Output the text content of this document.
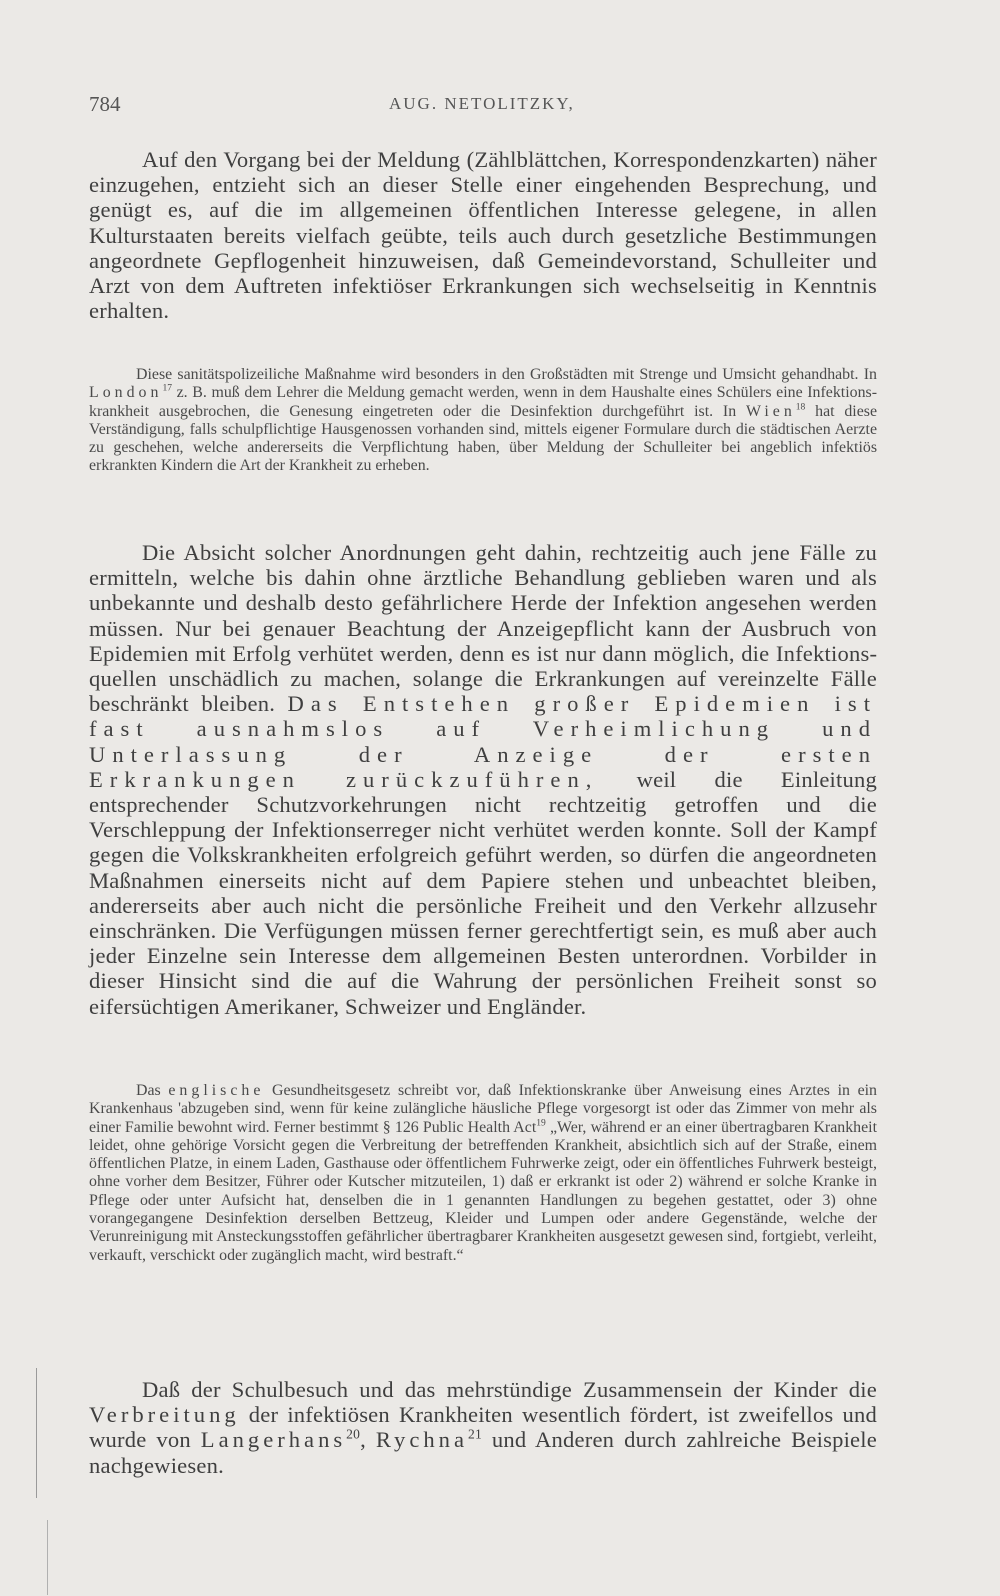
784	AUG. NETOLITZKY,

Auf den Vorgang bei der Meldung (Zählblättchen, Korrespondenzkarten) näher einzugehen, entzieht sich an dieser Stelle einer eingehenden Besprechung, und genügt es, auf die im allgemeinen öffentlichen Interesse gelegene, in allen Kulturstaaten bereits vielfach geübte, teils auch durch gesetzliche Bestimmungen angeordnete Gepflogenheit hinzuweisen, daß Gemeindevorstand, Schulleiter und Arzt von dem Auftreten infektiöser Erkrankungen sich wechselseitig in Kenntnis erhalten.

Diese sanitätspolizeiliche Maßnahme wird besonders in den Großstädten mit Strenge und Umsicht gehandhabt. In London$^{17}$ z. B. muß dem Lehrer die Meldung gemacht werden, wenn in dem Haushalte eines Schülers eine Infektionskrankheit ausgebrochen, die Genesung eingetreten oder die Desinfektion durchgeführt ist. In Wien$^{18}$ hat diese Verständigung, falls schulpflichtige Hausgenossen vorhanden sind, mittels eigener Formulare durch die städtischen Aerzte zu geschehen, welche andererseits die Verpflichtung haben, über Meldung der Schulleiter bei angeblich infektiös erkrankten Kindern die Art der Krankheit zu erheben.

Die Absicht solcher Anordnungen geht dahin, rechtzeitig auch jene Fälle zu ermitteln, welche bis dahin ohne ärztliche Behandlung geblieben waren und als unbekannte und deshalb desto gefährlichere Herde der Infektion angesehen werden müssen. Nur bei genauer Beachtung der Anzeigepflicht kann der Ausbruch von Epidemien mit Erfolg verhütet werden, denn es ist nur dann möglich, die Infektionsquellen unschädlich zu machen, solange die Erkrankungen auf vereinzelte Fälle beschränkt bleiben. Das Entstehen großer Epidemien ist fast ausnahmslos auf Verheimlichung und Unterlassung der Anzeige der ersten Erkrankungen zurückzuführen, weil die Einleitung entsprechender Schutzvorkehrungen nicht rechtzeitig getroffen und die Verschleppung der Infektionserreger nicht verhütet werden konnte. Soll der Kampf gegen die Volkskrankheiten erfolgreich geführt werden, so dürfen die angeordneten Maßnahmen einerseits nicht auf dem Papiere stehen und unbeachtet bleiben, andererseits aber auch nicht die persönliche Freiheit und den Verkehr allzusehr einschränken. Die Verfügungen müssen ferner gerechtfertigt sein, es muß aber auch jeder Einzelne sein Interesse dem allgemeinen Besten unterordnen. Vorbilder in dieser Hinsicht sind die auf die Wahrung der persönlichen Freiheit sonst so eifersüchtigen Amerikaner, Schweizer und Engländer.

Das englische Gesundheitsgesetz schreibt vor, daß Infektionskranke über Anweisung eines Arztes in ein Krankenhaus 'abzugeben sind, wenn für keine zulängliche häusliche Pflege vorgesorgt ist oder das Zimmer von mehr als einer Familie bewohnt wird. Ferner bestimmt § 126 Public Health Act$^{19}$ „Wer, während er an einer übertragbaren Krankheit leidet, ohne gehörige Vorsicht gegen die Verbreitung der betreffenden Krankheit, absichtlich sich auf der Straße, einem öffentlichen Platze, in einem Laden, Gasthause oder öffentlichem Fuhrwerke zeigt, oder ein öffentliches Fuhrwerk besteigt, ohne vorher dem Besitzer, Führer oder Kutscher mitzuteilen, 1) daß er erkrankt ist oder 2) während er solche Kranke in Pflege oder unter Aufsicht hat, denselben die in 1 genannten Handlungen zu begehen gestattet, oder 3) ohne vorangegangene Desinfektion derselben Bettzeug, Kleider und Lumpen oder andere Gegenstände, welche der Verunreinigung mit Ansteckungsstoffen gefährlicher übertragbarer Krankheiten ausgesetzt gewesen sind, fortgiebt, verleiht, verkauft, verschickt oder zugänglich macht, wird bestraft.“

Daß der Schulbesuch und das mehrstündige Zusammensein der Kinder die Verbreitung der infektiösen Krankheiten wesentlich fördert, ist zweifellos und wurde von Langerhans$^{20}$, Rychna$^{21}$ und Anderen durch zahlreiche Beispiele nachgewiesen.
